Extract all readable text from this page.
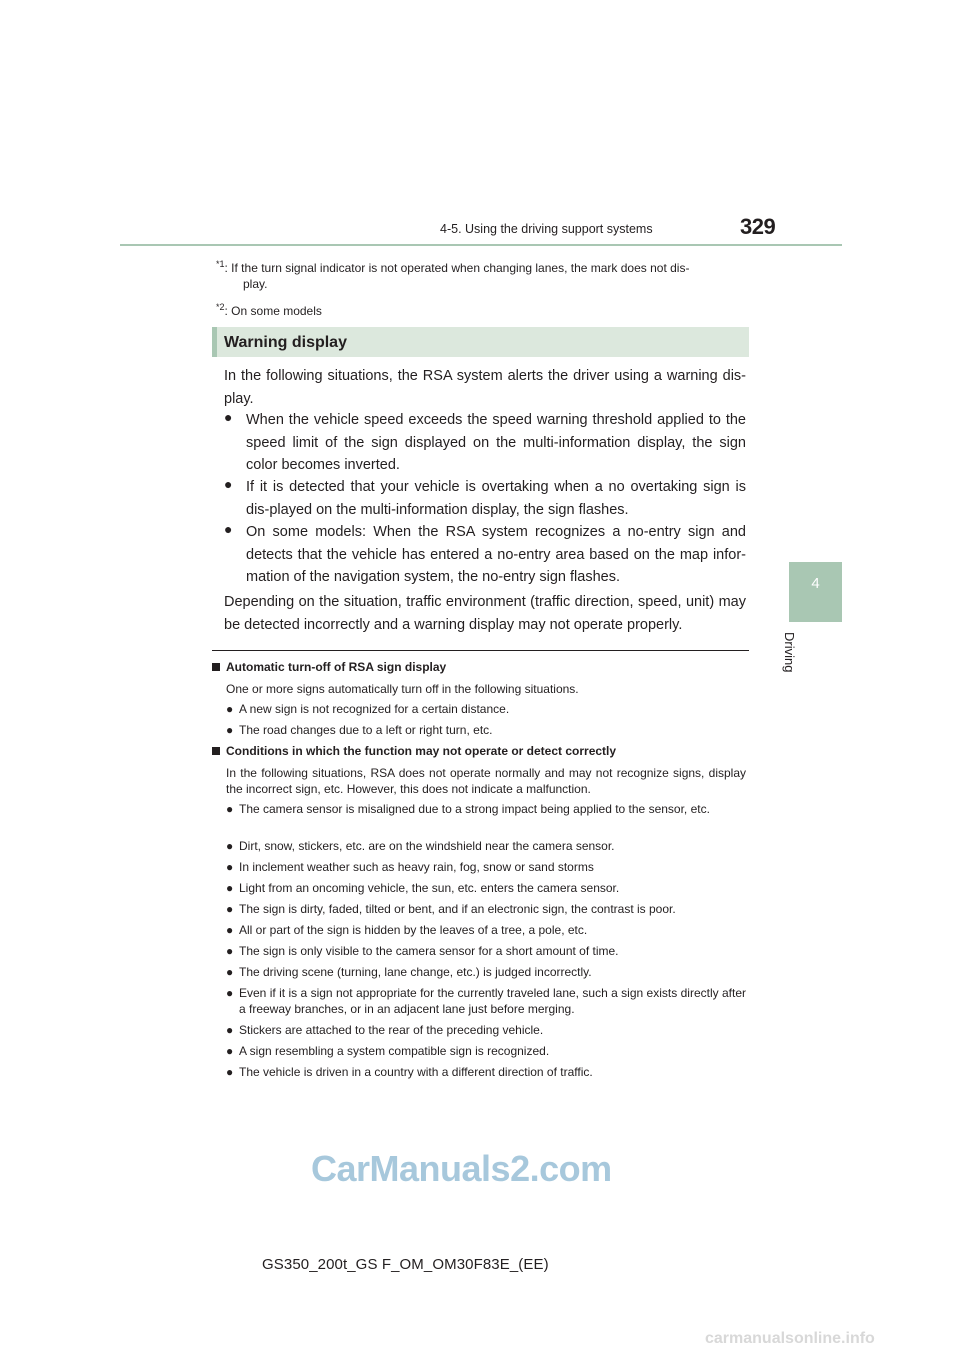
4-5. Using the driving support systems	329
4
Driving
$^{*1}$: If the turn signal indicator is not operated when changing lanes, the mark does not dis-
play.
$^{*2}$: On some models
Warning display
In the following situations, the RSA system alerts the driver using a warning dis-play.
● When the vehicle speed exceeds the speed warning threshold applied to the speed limit of the sign displayed on the multi-information display, the sign color becomes inverted.
● If it is detected that your vehicle is overtaking when a no overtaking sign is dis-played on the multi-information display, the sign flashes.
● On some models: When the RSA system recognizes a no-entry sign and detects that the vehicle has entered a no-entry area based on the map infor-mation of the navigation system, the no-entry sign flashes.
Depending on the situation, traffic environment (traffic direction, speed, unit) may be detected incorrectly and a warning display may not operate properly.
Automatic turn-off of RSA sign display
One or more signs automatically turn off in the following situations.
● A new sign is not recognized for a certain distance.
● The road changes due to a left or right turn, etc.
Conditions in which the function may not operate or detect correctly
In the following situations, RSA does not operate normally and may not recognize signs, display the incorrect sign, etc. However, this does not indicate a malfunction.
● The camera sensor is misaligned due to a strong impact being applied to the sensor, etc.
● Dirt, snow, stickers, etc. are on the windshield near the camera sensor.
● In inclement weather such as heavy rain, fog, snow or sand storms
● Light from an oncoming vehicle, the sun, etc. enters the camera sensor.
● The sign is dirty, faded, tilted or bent, and if an electronic sign, the contrast is poor.
● All or part of the sign is hidden by the leaves of a tree, a pole, etc.
● The sign is only visible to the camera sensor for a short amount of time.
● The driving scene (turning, lane change, etc.) is judged incorrectly.
● Even if it is a sign not appropriate for the currently traveled lane, such a sign exists directly after a freeway branches, or in an adjacent lane just before merging.
● Stickers are attached to the rear of the preceding vehicle.
● A sign resembling a system compatible sign is recognized.
● The vehicle is driven in a country with a different direction of traffic.
CarManuals2.com
GS350_200t_GS F_OM_OM30F83E_(EE)
carmanualsonline.info
